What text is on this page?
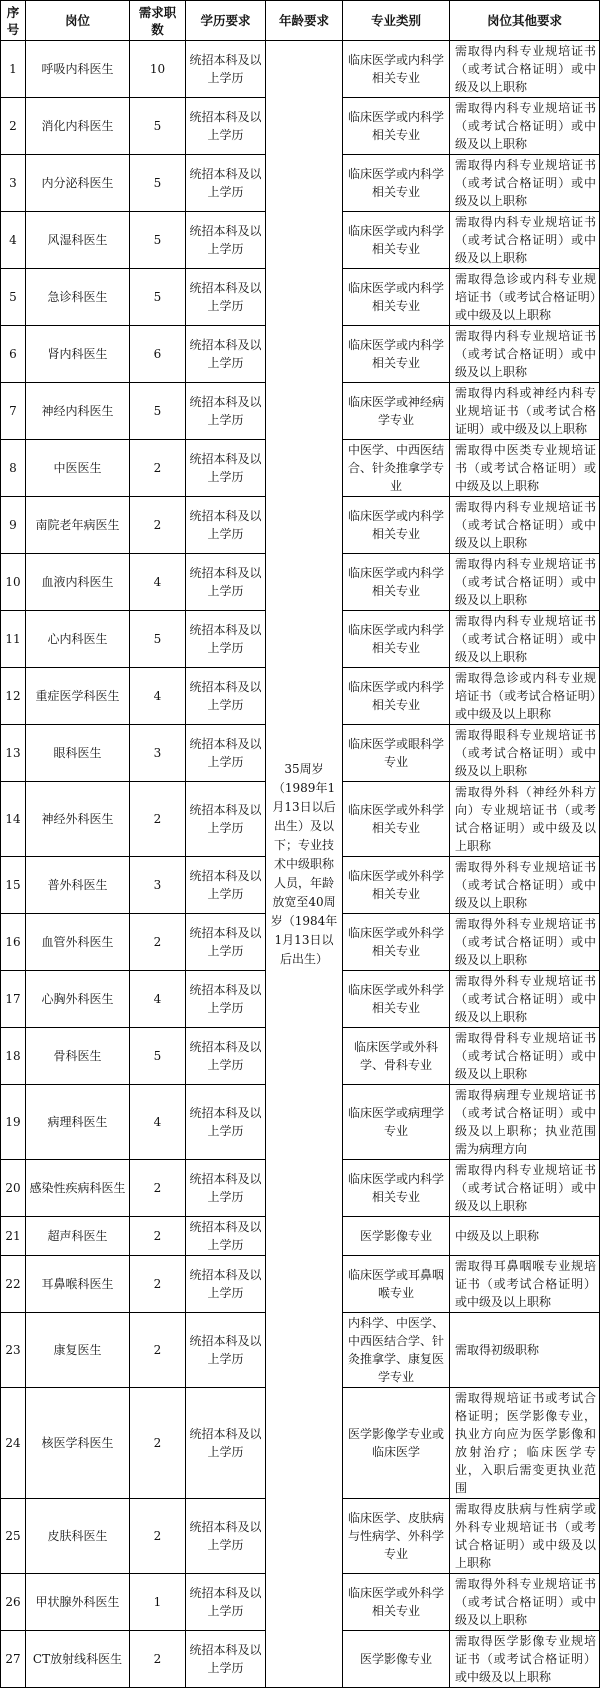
序号	岗位	需求职数	学历要求	年龄要求	专业类别	岗位其他要求
1	呼吸内科医生	10	统招本科及以上学历	35周岁（1989年1月13日以后出生）及以下；专业技术中级职称人员，年龄放宽至40周岁（1984年1月13日以后出生）	临床医学或内科学相关专业	需取得内科专业规培证书（或考试合格证明）或中级及以上职称
2	消化内科医生	5	统招本科及以上学历		临床医学或内科学相关专业	需取得内科专业规培证书（或考试合格证明）或中级及以上职称
3	内分泌科医生	5	统招本科及以上学历		临床医学或内科学相关专业	需取得内科专业规培证书（或考试合格证明）或中级及以上职称
4	风湿科医生	5	统招本科及以上学历		临床医学或内科学相关专业	需取得内科专业规培证书（或考试合格证明）或中级及以上职称
5	急诊科医生	5	统招本科及以上学历		临床医学或内科学相关专业	需取得急诊或内科专业规培证书（或考试合格证明）或中级及以上职称
6	肾内科医生	6	统招本科及以上学历		临床医学或内科学相关专业	需取得内科专业规培证书（或考试合格证明）或中级及以上职称
7	神经内科医生	5	统招本科及以上学历		临床医学或神经病学专业	需取得内科或神经内科专业规培证书（或考试合格证明）或中级及以上职称
8	中医医生	2	统招本科及以上学历		中医学、中西医结合、针灸推拿学专业	需取得中医类专业规培证书（或考试合格证明）或中级及以上职称
9	南院老年病医生	2	统招本科及以上学历		临床医学或内科学相关专业	需取得内科专业规培证书（或考试合格证明）或中级及以上职称
10	血液内科医生	4	统招本科及以上学历		临床医学或内科学相关专业	需取得内科专业规培证书（或考试合格证明）或中级及以上职称
11	心内科医生	5	统招本科及以上学历		临床医学或内科学相关专业	需取得内科专业规培证书（或考试合格证明）或中级及以上职称
12	重症医学科医生	4	统招本科及以上学历		临床医学或内科学相关专业	需取得急诊或内科专业规培证书（或考试合格证明）或中级及以上职称
13	眼科医生	3	统招本科及以上学历		临床医学或眼科学专业	需取得眼科专业规培证书（或考试合格证明）或中级及以上职称
14	神经外科医生	2	统招本科及以上学历		临床医学或外科学相关专业	需取得外科（神经外科方向）专业规培证书（或考试合格证明）或中级及以上职称
15	普外科医生	3	统招本科及以上学历		临床医学或外科学相关专业	需取得外科专业规培证书（或考试合格证明）或中级及以上职称
16	血管外科医生	2	统招本科及以上学历		临床医学或外科学相关专业	需取得外科专业规培证书（或考试合格证明）或中级及以上职称
17	心胸外科医生	4	统招本科及以上学历		临床医学或外科学相关专业	需取得外科专业规培证书（或考试合格证明）或中级及以上职称
18	骨科医生	5	统招本科及以上学历		临床医学或外科学、骨科专业	需取得骨科专业规培证书（或考试合格证明）或中级及以上职称
19	病理科医生	4	统招本科及以上学历		临床医学或病理学专业	需取得病理专业规培证书（或考试合格证明）或中级及以上职称；执业范围需为病理方向
20	感染性疾病科医生	2	统招本科及以上学历		临床医学或内科学相关专业	需取得内科专业规培证书（或考试合格证明）或中级及以上职称
21	超声科医生	2	统招本科及以上学历		医学影像专业	中级及以上职称
22	耳鼻喉科医生	2	统招本科及以上学历		临床医学或耳鼻咽喉专业	需取得耳鼻咽喉专业规培证书（或考试合格证明）或中级及以上职称
23	康复医生	2	统招本科及以上学历		内科学、中医学、中西医结合学、针灸推拿学、康复医学专业	需取得初级职称
24	核医学科医生	2	统招本科及以上学历		医学影像学专业或临床医学	需取得规培证书或考试合格证明；医学影像专业，执业方向应为医学影像和放射治疗；临床医学专业，入职后需变更执业范围
25	皮肤科医生	2	统招本科及以上学历		临床医学、皮肤病与性病学、外科学专业	需取得皮肤病与性病学或外科专业规培证书（或考试合格证明）或中级及以上职称
26	甲状腺外科医生	1	统招本科及以上学历		临床医学或外科学相关专业	需取得外科专业规培证书（或考试合格证明）或中级及以上职称
27	CT放射线科医生	2	统招本科及以上学历		医学影像专业	需取得医学影像专业规培证书（或考试合格证明）或中级及以上职称
